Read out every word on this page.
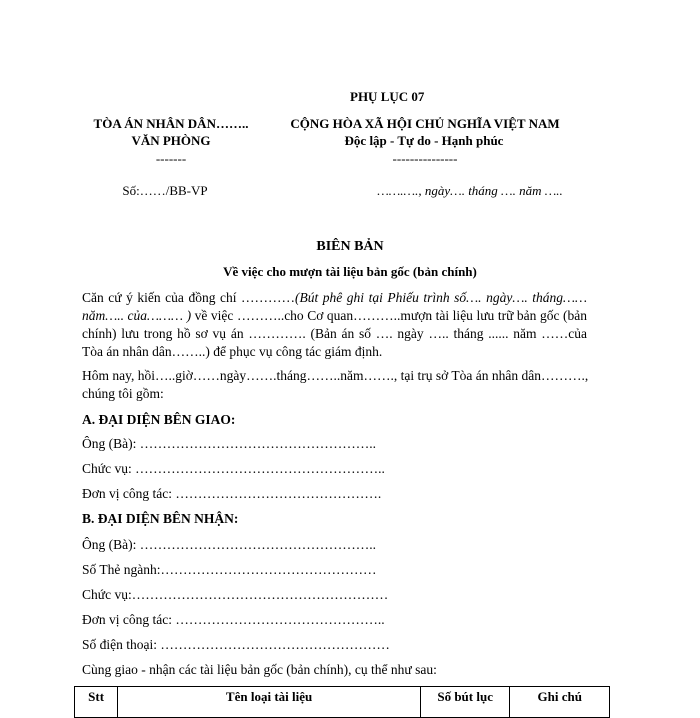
PHỤ LỤC 07
TÒA ÁN NHÂN DÂN……..
VĂN PHÒNG
-------
Số:……/BB-VP
CỘNG HÒA XÃ HỘI CHỦ NGHĨA VIỆT NAM
Độc lập - Tự do - Hạnh phúc
---------------
…….…., ngày…. tháng …. năm …..
BIÊN BẢN
Về việc cho mượn tài liệu bản gốc (bản chính)
Căn cứ ý kiến của đồng chí …………(Bút phê ghi tại Phiếu trình số…. ngày…. tháng…… năm….. của……… ) về việc ………..cho Cơ quan………..mượn tài liệu lưu trữ bản gốc (bản chính) lưu trong hồ sơ vụ án …………. (Bản án số …. ngày ….. tháng ...... năm ……của Tòa án nhân dân……..) để phục vụ công tác giám định.
Hôm nay, hồi…..giờ……ngày…….tháng……..năm……., tại trụ sở Tòa án nhân dân……….,
chúng tôi gồm:
A. ĐẠI DIỆN BÊN GIAO:
Ông (Bà): ……………………………………………..
Chức vụ: ………………………………………………..
Đơn vị công tác: ……………………………………….
B. ĐẠI DIỆN BÊN NHẬN:
Ông (Bà): ……………………………………………..
Số Thẻ ngành:…………………………………………
Chức vụ:…………………………………………………
Đơn vị công tác: ………………………………………..
Số điện thoại: ……………………………………………
Cùng giao - nhận các tài liệu bản gốc (bản chính), cụ thể như sau:
Stt	Tên loại tài liệu	Số bút lục	Ghi chú
